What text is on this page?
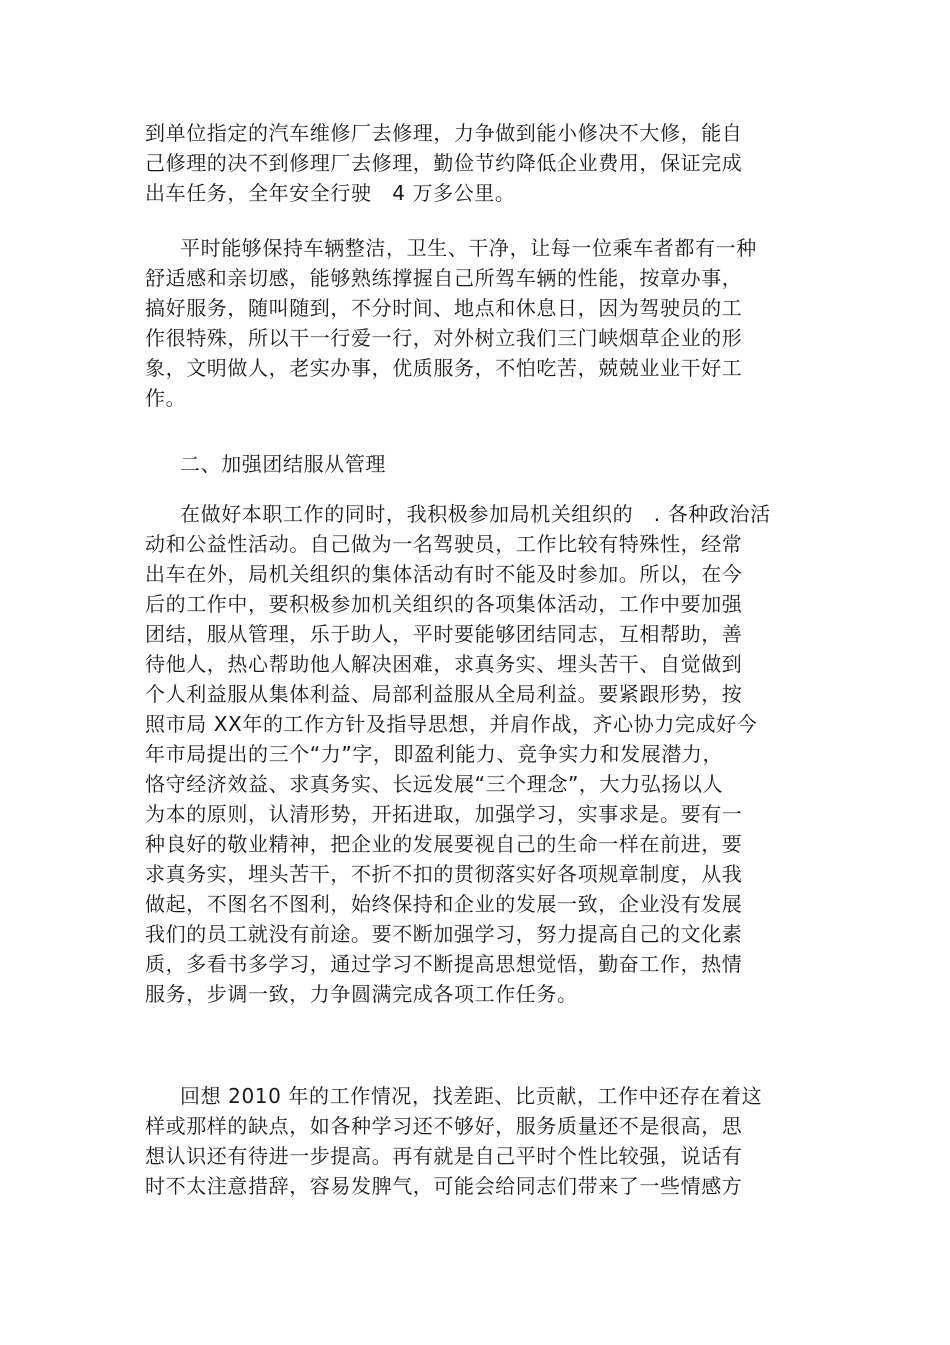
到单位指定的汽车维修厂去修理，力争做到能小修决不大修，能自
己修理的决不到修理厂去修理，勤俭节约降低企业费用，保证完成
出车任务，全年安全行驶　4 万多公里。
平时能够保持车辆整洁，卫生、干净，让每一位乘车者都有一种
舒适感和亲切感，能够熟练撑握自己所驾车辆的性能，按章办事，
搞好服务，随叫随到，不分时间、地点和休息日，因为驾驶员的工
作很特殊，所以干一行爱一行，对外树立我们三门峡烟草企业的形
象，文明做人，老实办事，优质服务，不怕吃苦，兢兢业业干好工
作。
二、加强团结服从管理
在做好本职工作的同时，我积极参加局机关组织的　. 各种政治活
动和公益性活动。自己做为一名驾驶员，工作比较有特殊性，经常
出车在外，局机关组织的集体活动有时不能及时参加。所以，在今
后的工作中，要积极参加机关组织的各项集体活动，工作中要加强
团结，服从管理，乐于助人，平时要能够团结同志，互相帮助，善
待他人，热心帮助他人解决困难，求真务实、埋头苦干、自觉做到
个人利益服从集体利益、局部利益服从全局利益。要紧跟形势，按
照市局 XX年的工作方针及指导思想，并肩作战，齐心协力完成好今
年市局提出的三个“力”字，即盈利能力、竞争实力和发展潜力，
恪守经济效益、求真务实、长远发展“三个理念”，大力弘扬以人
为本的原则，认清形势，开拓进取，加强学习，实事求是。要有一
种良好的敬业精神，把企业的发展要视自己的生命一样在前进，要
求真务实，埋头苦干，不折不扣的贯彻落实好各项规章制度，从我
做起，不图名不图利，始终保持和企业的发展一致，企业没有发展
我们的员工就没有前途。要不断加强学习，努力提高自己的文化素
质，多看书多学习，通过学习不断提高思想觉悟，勤奋工作，热情
服务，步调一致，力争圆满完成各项工作任务。
回想 2010 年的工作情况，找差距、比贡献，工作中还存在着这
样或那样的缺点，如各种学习还不够好，服务质量还不是很高，思
想认识还有待进一步提高。再有就是自己平时个性比较强，说话有
时不太注意措辞，容易发脾气，可能会给同志们带来了一些情感方
